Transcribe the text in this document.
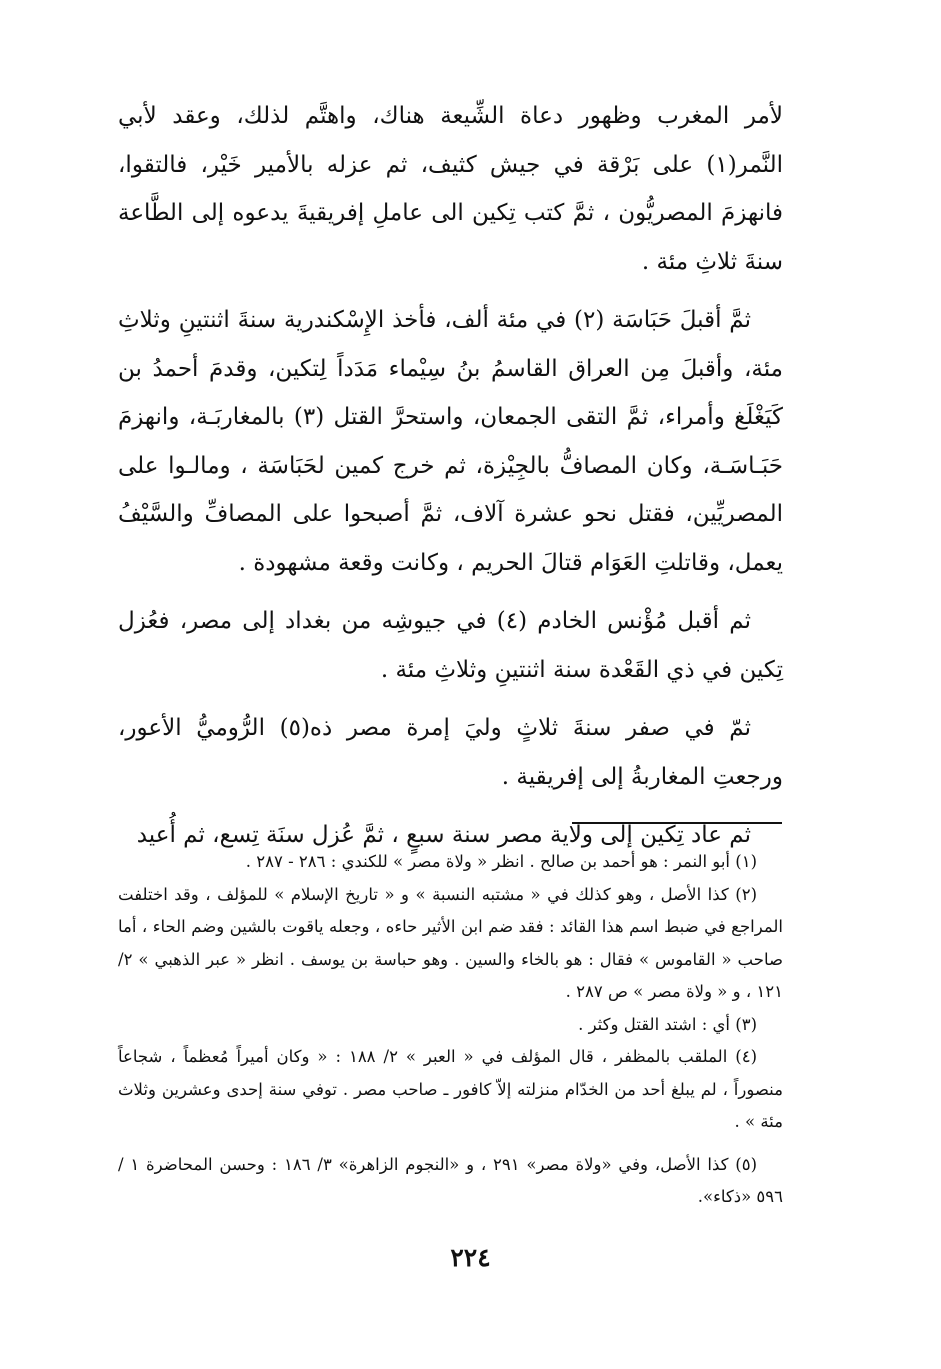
لأمر المغرب وظهور دعاة الشِّيعة هناك، واهتَّم لذلك، وعقد لأبي النَّمر(١) على بَرْقة في جيش كثيف، ثم عزله بالأمير خَيْر، فالتقوا، فانهزمَ المصريُّون ، ثمَّ كتب تِكين الى عاملِ إفريقيةَ يدعوه إلى الطَّاعة سنةَ ثلاثِ مئة .

ثمَّ أقبلَ حَبَاسَة (٢) في مئة ألف، فأخذ الإِسْكندرية سنةَ اثنتينِ وثلاثِ مئة، وأقبلَ مِن العراق القاسمُ بنُ سِيْماء مَدَداً لِتكين، وقدمَ أحمدُ بن كَيَغْلَغ وأمراء، ثمَّ التقى الجمعان، واستحرَّ القتل (٣) بالمغاربَـة، وانهزمَ حَبَـاسَـة، وكان المصافُّ بالجِيْزة، ثم خرج كمين لحَبَاسَة ، ومالـوا على المصريِّين، فقتل نحو عشرة آلاف، ثمَّ أصبحوا على المصافِّ والسَّيْفُ يعمل، وقاتلتِ العَوَام قتالَ الحريم ، وكانت وقعة مشهودة .

ثم أقبل مُؤْنس الخادم (٤) في جيوشِه من بغداد إلى مصر، فعُزل تِكين في ذي القَعْدة سنة اثنتينِ وثلاثِ مئة .

ثمّ في صفر سنةَ ثلاثٍ وليَ إمرة مصر ذه(٥) الرُّوميُّ الأعور، ورجعتِ المغاربةُ إلى إفريقية .

ثم عاد تِكين إلى ولاية مصر سنة سبعٍ ، ثمَّ عُزل سنَة تِسع، ثم أُعيد

(١) أبو النمر : هو أحمد بن صالح . انظر « ولاة مصر » للكندي : ٢٨٦ - ٢٨٧ .

(٢) كذا الأصل ، وهو كذلك في « مشتبه النسبة » و « تاريخ الإسلام » للمؤلف ، وقد اختلفت المراجع في ضبط اسم هذا القائد : فقد ضم ابن الأثير حاءه ، وجعله ياقوت بالشين وضم الحاء ، أما صاحب « القاموس » فقال : هو بالخاء والسين . وهو حباسة بن يوسف . انظر « عبر الذهبي » ٢/ ١٢١ ، و « ولاة مصر » ص ٢٨٧ .

(٣) أي : اشتد القتل وكثر .

(٤) الملقب بالمظفر ، قال المؤلف في « العبر » ٢/ ١٨٨ : « وكان أميراً مُعظماً ، شجاعاً منصوراً ، لم يبلغ أحد من الخدّام منزلته إلاّ كافور ـ صاحب مصر . توفي سنة إحدى وعشرين وثلاث مئة » .

(٥) كذا الأصل، وفي «ولاة مصر» ٢٩١ ، و «النجوم الزاهرة» ٣/ ١٨٦ : وحسن المحاضرة ١ / ٥٩٦ «ذكاء».

٢٢٤
